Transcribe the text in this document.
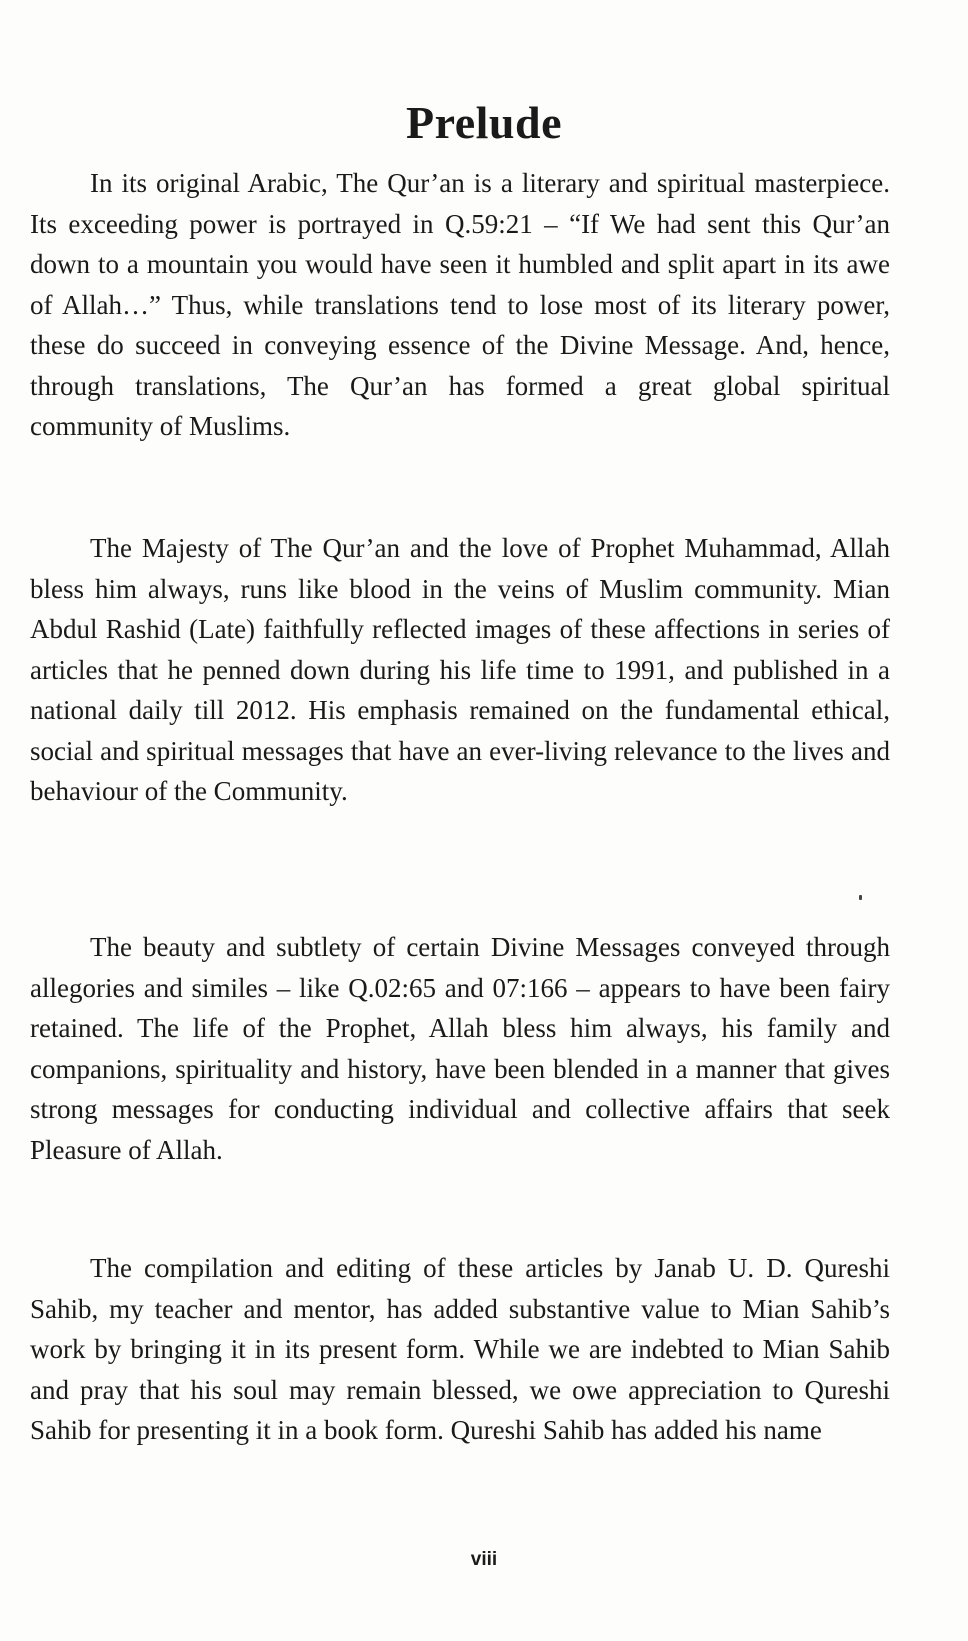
Prelude

In its original Arabic, The Qur’an is a literary and spiritual masterpiece. Its exceeding power is portrayed in Q.59:21 – “If We had sent this Qur’an down to a mountain you would have seen it humbled and split apart in its awe of Allah…” Thus, while translations tend to lose most of its literary power, these do succeed in conveying essence of the Divine Message. And, hence, through translations, The Qur’an has formed a great global spiritual community of Muslims.

The Majesty of The Qur’an and the love of Prophet Muhammad, Allah bless him always, runs like blood in the veins of Muslim community. Mian Abdul Rashid (Late) faithfully reflected images of these affections in series of articles that he penned down during his life time to 1991, and published in a national daily till 2012. His emphasis remained on the fundamental ethical, social and spiritual messages that have an ever-living relevance to the lives and behaviour of the Community.

The beauty and subtlety of certain Divine Messages conveyed through allegories and similes – like Q.02:65 and 07:166 – appears to have been fairy retained. The life of the Prophet, Allah bless him always, his family and companions, spirituality and history, have been blended in a manner that gives strong messages for conducting individual and collective affairs that seek Pleasure of Allah.

The compilation and editing of these articles by Janab U. D. Qureshi Sahib, my teacher and mentor, has added substantive value to Mian Sahib’s work by bringing it in its present form. While we are indebted to Mian Sahib and pray that his soul may remain blessed, we owe appreciation to Qureshi Sahib for presenting it in a book form. Qureshi Sahib has added his name

viii
